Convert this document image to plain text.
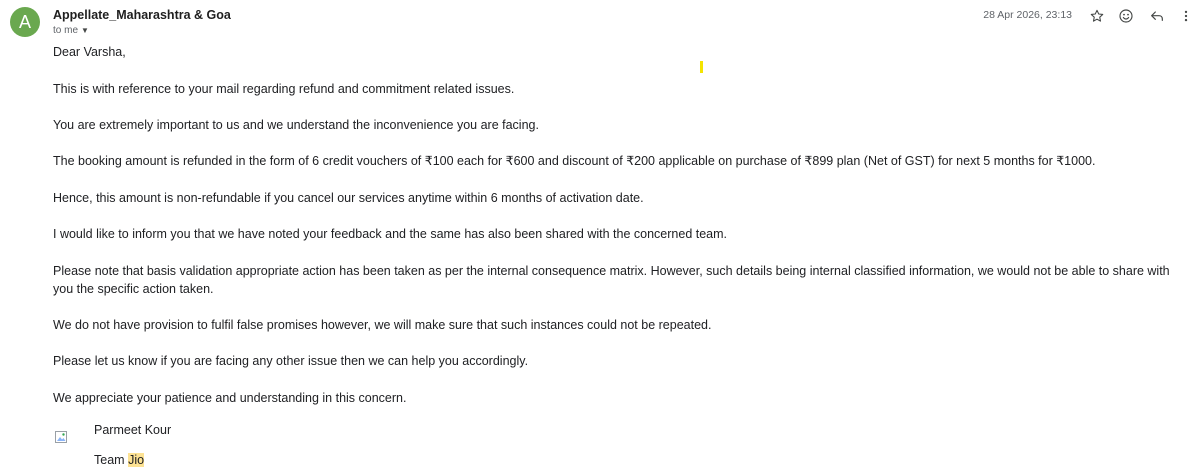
A	Appellate_Maharashtra & Goa
to me ▼
28 Apr 2026, 23:13

Dear Varsha,

This is with reference to your mail regarding refund and commitment related issues.

You are extremely important to us and we understand the inconvenience you are facing.

The booking amount is refunded in the form of 6 credit vouchers of ₹100 each for ₹600 and discount of ₹200 applicable on purchase of ₹899 plan (Net of GST) for next 5 months for ₹1000.

Hence, this amount is non-refundable if you cancel our services anytime within 6 months of activation date.

I would like to inform you that we have noted your feedback and the same has also been shared with the concerned team.

Please note that basis validation appropriate action has been taken as per the internal consequence matrix. However, such details being internal classified information, we would not be able to share with you the specific action taken.

We do not have provision to fulfil false promises however, we will make sure that such instances could not be repeated.

Please let us know if you are facing any other issue then we can help you accordingly.

We appreciate your patience and understanding in this concern.

Parmeet Kour
Team Jio
